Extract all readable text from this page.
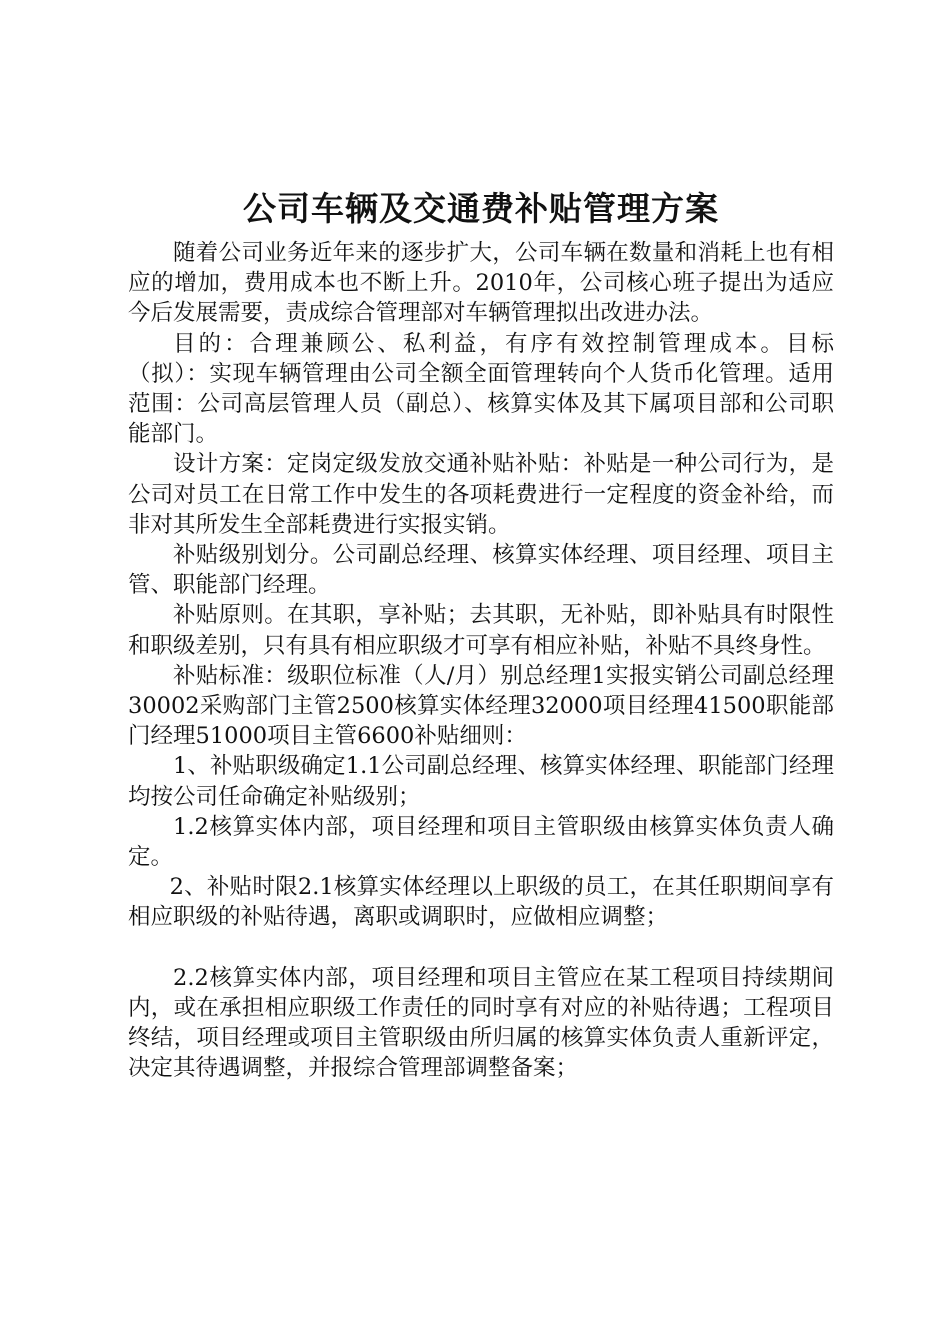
公司车辆及交通费补贴管理方案

随着公司业务近年来的逐步扩大，公司车辆在数量和消耗上也有相应的增加，费用成本也不断上升。2010年，公司核心班子提出为适应今后发展需要，责成综合管理部对车辆管理拟出改进办法。

目的：合理兼顾公、私利益，有序有效控制管理成本。目标（拟）：实现车辆管理由公司全额全面管理转向个人货币化管理。适用范围：公司高层管理人员（副总）、核算实体及其下属项目部和公司职能部门。

设计方案：定岗定级发放交通补贴补贴：补贴是一种公司行为，是公司对员工在日常工作中发生的各项耗费进行一定程度的资金补给，而非对其所发生全部耗费进行实报实销。

补贴级别划分。公司副总经理、核算实体经理、项目经理、项目主管、职能部门经理。

补贴原则。在其职，享补贴；去其职，无补贴，即补贴具有时限性和职级差别，只有具有相应职级才可享有相应补贴，补贴不具终身性。

补贴标准：级职位标准（人/月）别总经理1实报实销公司副总经理30002采购部门主管2500核算实体经理32000项目经理41500职能部门经理51000项目主管6600补贴细则：

1、补贴职级确定1.1公司副总经理、核算实体经理、职能部门经理均按公司任命确定补贴级别；

1.2核算实体内部，项目经理和项目主管职级由核算实体负责人确定。

2、补贴时限2.1核算实体经理以上职级的员工，在其任职期间享有相应职级的补贴待遇，离职或调职时，应做相应调整；

2.2核算实体内部，项目经理和项目主管应在某工程项目持续期间内，或在承担相应职级工作责任的同时享有对应的补贴待遇；工程项目终结，项目经理或项目主管职级由所归属的核算实体负责人重新评定，决定其待遇调整，并报综合管理部调整备案；
